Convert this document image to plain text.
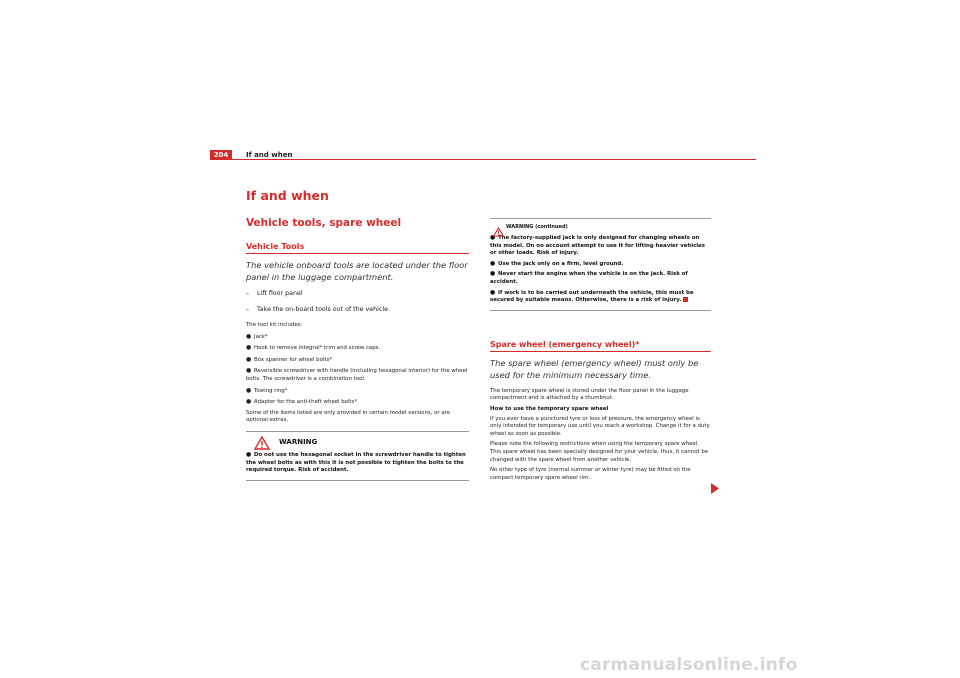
204	If and when
If and when
Vehicle tools, spare wheel
Vehicle Tools
The vehicle onboard tools are located under the floor panel in the luggage compartment.
– Lift floor panel
– Take the on-board tools out of the vehicle.
The tool kit includes:
● Jack*
● Hook to remove integral* trim and screw caps.
● Box spanner for wheel bolts*
● Reversible screwdriver with handle (including hexagonal interior) for the wheel bolts. The screwdriver is a combination tool.
● Towing ring*
● Adapter for the anti-theft wheel bolts*
Some of the items listed are only provided in certain model versions, or are optional extras.
WARNING
● Do not use the hexagonal socket in the screwdriver handle to tighten the wheel bolts as with this it is not possible to tighten the bolts to the required torque. Risk of accident.
WARNING (continued)
● The factory-supplied jack is only designed for changing wheels on this model. On no account attempt to use it for lifting heavier vehicles or other loads. Risk of injury.
● Use the jack only on a firm, level ground.
● Never start the engine when the vehicle is on the jack. Risk of accident.
● If work is to be carried out underneath the vehicle, this must be secured by suitable means. Otherwise, there is a risk of injury.
Spare wheel (emergency wheel)*
The spare wheel (emergency wheel) must only be used for the minimum necessary time.
The temporary spare wheel is stored under the floor panel in the luggage compartment and is attached by a thumbnut.
How to use the temporary spare wheel
If you ever have a punctured tyre or loss of pressure, the emergency wheel is only intended for temporary use until you reach a workshop. Change it for a duty wheel as soon as possible.
Please note the following restrictions when using the temporary spare wheel. This spare wheel has been specially designed for your vehicle, thus, it cannot be changed with the spare wheel from another vehicle.
No other type of tyre (normal summer or winter tyre) may be fitted on the compact temporary spare wheel rim.
carmanualsonline.info
